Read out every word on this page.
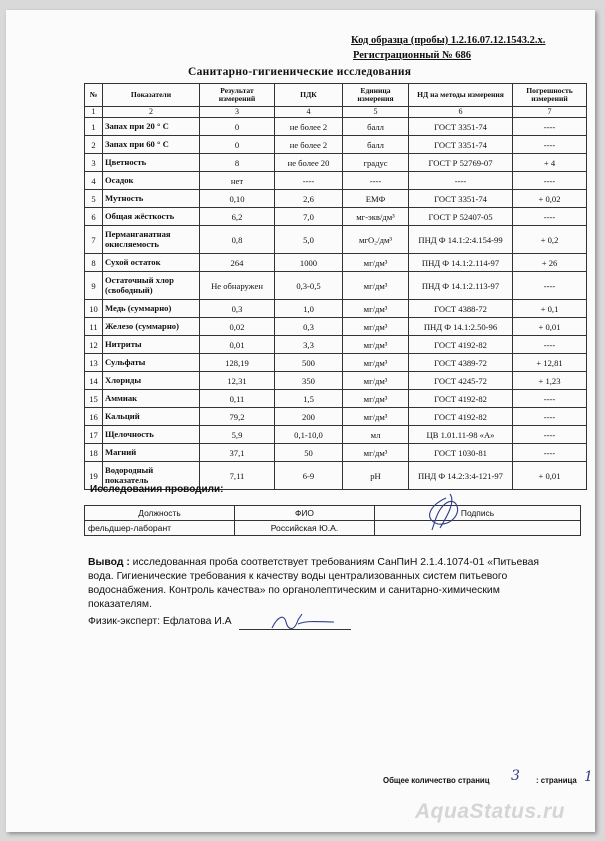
Код образца (пробы) 1.2.16.07.12.1543.2.х.
Регистрационный № 686
Санитарно-гигиенические исследования
№	Показатели	Результат измерений	ПДК	Единица измерения	НД на методы измерения	Погрешность измерений
1	2	3	4	5	6	7
1	Запах при 20 ° С	0	не более 2	балл	ГОСТ 3351-74	----
2	Запах при 60 ° С	0	не более 2	балл	ГОСТ 3351-74	----
3	Цветность	8	не более 20	градус	ГОСТ Р 52769-07	+ 4
4	Осадок	нет	----	----	----	----
5	Мутность	0,10	2,6	ЕМФ	ГОСТ 3351-74	+ 0,02
6	Общая жёсткость	6,2	7,0	мг-экв/дм³	ГОСТ Р 52407-05	----
7	Перманганатная окисляемость	0,8	5,0	мгО₂/дм³	ПНД Ф 14.1:2:4.154-99	+ 0,2
8	Сухой остаток	264	1000	мг/дм³	ПНД Ф 14.1:2.114-97	+ 26
9	Остаточный хлор (свободный)	Не обнаружен	0,3-0,5	мг/дм³	ПНД Ф 14.1:2.113-97	----
10	Медь (суммарно)	0,3	1,0	мг/дм³	ГОСТ 4388-72	+ 0,1
11	Железо (суммарно)	0,02	0,3	мг/дм³	ПНД Ф 14.1:2.50-96	+ 0,01
12	Нитриты	0,01	3,3	мг/дм³	ГОСТ 4192-82	----
13	Сульфаты	128,19	500	мг/дм³	ГОСТ 4389-72	+ 12,81
14	Хлориды	12,31	350	мг/дм³	ГОСТ 4245-72	+ 1,23
15	Аммиак	0,11	1,5	мг/дм³	ГОСТ 4192-82	----
16	Кальций	79,2	200	мг/дм³	ГОСТ 4192-82	----
17	Щелочность	5,9	0,1-10,0	мл	ЦВ 1.01.11-98 «А»	----
18	Магний	37,1	50	мг/дм³	ГОСТ 1030-81	----
19	Водородный показатель	7,11	6-9	pH	ПНД Ф 14.2:3:4-121-97	+ 0,01
Исследования проводили:
Должность	ФИО	Подпись
фельдшер-лаборант	Российская Ю.А.	
Вывод : исследованная проба соответствует требованиям СанПиН 2.1.4.1074-01 «Питьевая вода. Гигиенические требования к качеству воды централизованных систем питьевого водоснабжения. Контроль качества» по органолептическим и санитарно-химическим показателям.
Физик-эксперт: Ефлатова И.А
Общее количество страниц 3 : страница 1
AquaStatus.ru
